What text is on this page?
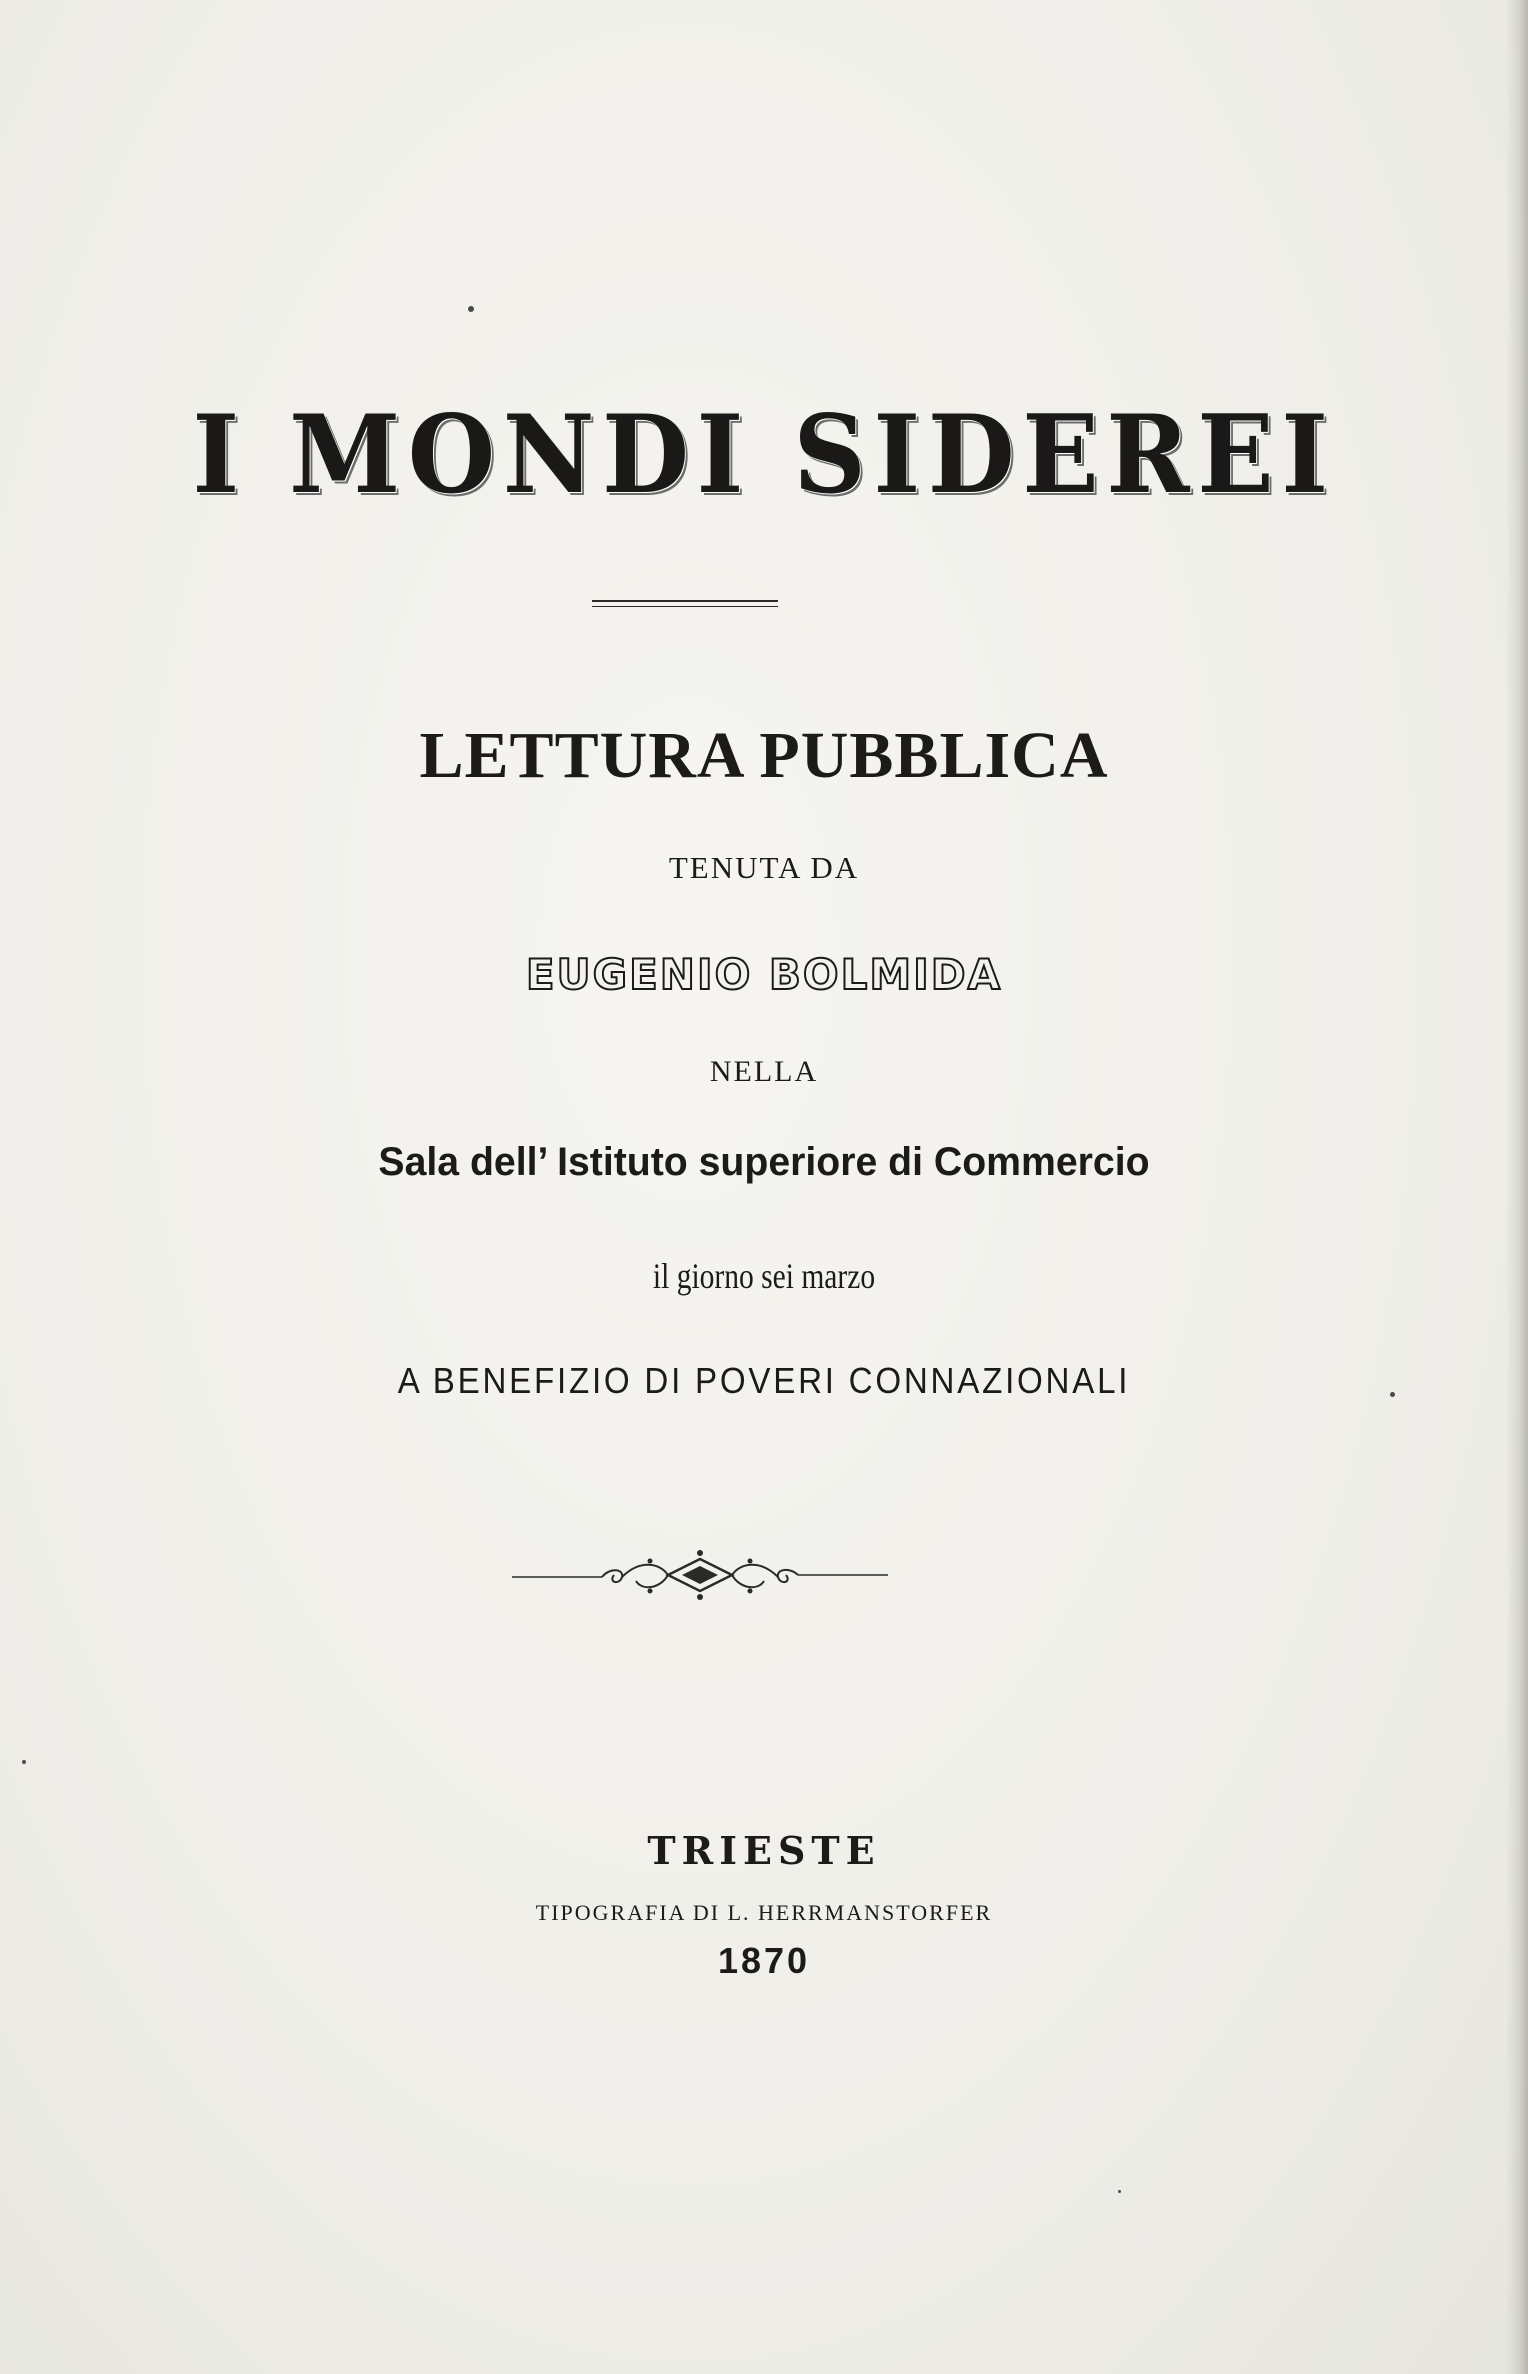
I MONDI SIDEREI
LETTURA PUBBLICA
TENUTA DA
EUGENIO BOLMIDA
NELLA
Sala dell’ Istituto superiore di Commercio
il giorno sei marzo
A BENEFIZIO DI POVERI CONNAZIONALI
TRIESTE
TIPOGRAFIA DI L. HERRMANSTORFER
1870
